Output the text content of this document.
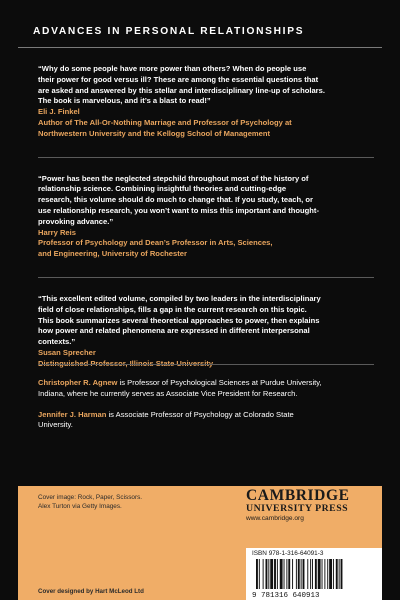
ADVANCES IN PERSONAL RELATIONSHIPS

“Why do some people have more power than others? When do people use
their power for good versus ill? These are among the essential questions that
are asked and answered by this stellar and interdisciplinary line-up of scholars.
The book is marvelous, and it’s a blast to read!”

Eli J. Finkel

Author of The All-Or-Nothing Marriage and Professor of Psychology at
Northwestern University and the Kellogg School of Management

“Power has been the neglected stepchild throughout most of the history of
relationship science. Combining insightful theories and cutting-edge
research, this volume should do much to change that. If you study, teach, or
use relationship research, you won’t want to miss this important and thought-
provoking advance.”

Harry Reis

Professor of Psychology and Dean’s Professor in Arts, Sciences,
and Engineering, University of Rochester

“This excellent edited volume, compiled by two leaders in the interdisciplinary
field of close relationships, fills a gap in the current research on this topic.
This book summarizes several theoretical approaches to power, then explains
how power and related phenomena are expressed in different interpersonal
contexts.”

Susan Sprecher

Christopher R. Agnew is Professor of Psychological Sciences at Purdue University,
Indiana, where he currently serves as Associate Vice President for Research.

Jennifer J. Harman is Associate Professor of Psychology at Colorado State
University.

Cover image: Rock, Paper, Scissors.
Alex Turton via Getty Images.
Cover designed by Hart McLeod Ltd
CAMBRIDGE
UNIVERSITY PRESS
www.cambridge.org
ISBN 978-1-316-64091-3
9 781316 640913
